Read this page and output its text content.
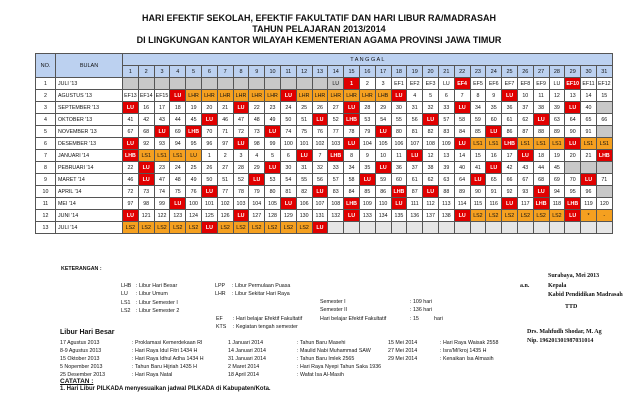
HARI EFEKTIF SEKOLAH, EFEKTIF FAKULTATIF DAN HARI LIBUR RA/MADRASAH
TAHUN PELAJARAN 2013/2014
DI LINGKUNGAN KANTOR WILAYAH KEMENTERIAN AGAMA PROVINSI JAWA TIMUR
NO.	BULAN	T A N G G A L																														
		1	2	3	4	5	6	7	8	9	10	11	12	13	14	15	16	17	18	19	20	21	22	23	24	25	26	27	28	29	30	31
1	JULI '13														LU	1	2	3	EF1	EF2	EF3	LU	EF4	EF5	EF6	EF7	EF8	EF9	LU	EF10	EF11	EF12
2	AGUSTUS '13	EF13	EF14	EF15	LU	LHR	LHR	LHR	LHR	LHR	LHR	LU	LHR	LHR	LHR	LHR	LHR	LHB	LU	4	5	6	7	8	9	LU	10	11	12	13	14	15
3	SEPTEMBER '13	LU	16	17	18	19	20	21	LU	22	23	24	25	26	27	LU	28	29	30	31	32	33	LU	34	35	36	37	38	39	LU	40	
4	OKTOBER '13	41	42	43	44	45	LU	46	47	48	49	50	51	LU	52	LHB	53	54	55	56	LU	57	58	59	60	61	62	LU	63	64	65	66
5	NOVEMBER '13	67	68	LU	69	LHB	70	71	72	73	LU	74	75	76	77	78	79	LU	80	81	82	83	84	85	LU	86	87	88	89	90	91	
6	DESEMBER '13	LU	92	93	94	95	96	97	LU	98	99	100	101	102	103	LU	104	105	106	107	108	109	LU	LS1	LS1	LHB	LS1	LS1	LS1	LU	LS1	LS1
7	JANUARI '14	LHB	LS1	LS1	LS1	LU	1	2	3	4	5	6	LU	7	LHB	8	9	10	11	LU	12	13	14	15	16	17	LU	18	19	20	21	LHB
8	PEBRUARI '14	22	LU	23	24	25	26	27	28	29	LU	30	31	32	33	34	35	LU	36	37	38	39	40	41	LU	42	43	44	45			
9	MARET '14	46	LU	47	48	49	50	51	52	LU	53	54	55	56	57	58	LU	59	60	61	62	63	64	LU	65	66	67	68	69	70	LU	71
10	APRIL '14	72	73	74	75	76	LU	77	78	79	80	81	82	LU	83	84	85	86	LHB	87	LU	88	89	90	91	92	93	LU	94	95	96	
11	MEI '14	97	98	99	LU	100	101	102	103	104	105	LU	106	107	108	LHB	109	110	LU	111	112	113	114	115	116	LU	117	LHB	118	LHB	119	120
12	JUNI '14	LU	121	122	123	124	125	126	LU	127	128	129	130	131	132	LU	133	134	135	136	137	138	LU	LS2	LS2	LS2	LS2	LS2	LS2	LU	*	-
13	JULI '14	LS2	LS2	LS2	LS2	LS2	LU	LS2	LS2	LS2	LS2	LS2	LS2	LU																		
KETERANGAN :
LHB : Libur Hari Besar
LU : Libur Umum
LS1 : Libur Semester I
LS2 : Libur Semester 2
LPP : Libur Permulaan Puasa
LHR : Libur Sekitar Hari Raya
EF : Hari belajar Efektif Fakultatif
KTS : Kegiatan tengah semester
Semester I	: 109 hari
Semester II	: 136 hari
Hari belajar Efektif Fakultatif	: 15	hari
Surabaya, Mei 2013
a.n.	Kepala
Kabid Pendidikan Madrasah
TTD
Drs. Mahfudh Shodar, M. Ag
Nip. 196201301987031014
Libur Hari Besar
17 Agustus 2013	: Proklamasi Kemerdekaan RI
8-9 Agustus 2013	: Hari Raya Idul Fitri 1434 H
15 Oktober 2013	: Hari Raya Idhul Adha 1434 H
5 Nopember 2013	: Tahun Baru Hijriah 1435 H
25 Desember 2013	: Hari Raya Natal
1 Januari 2014	: Tahun Baru Masehi
14 Januari 2014	: Maulid Nabi Muhammad SAW
31 Januari 2014	: Tahun Baru Imlek 2565
2 Maret 2014	: Hari Raya Nyepi Tahun Saka 1936
18 April 2014	: Wafat Isa Al-Masih
15 Mei 2014	: Hari Raya Waisak 2558
27 Mei 2014	: Isra'Mi'kroj 1435 H
29 Mei 2014	: Kenaikan Isa Almasih
CATATAN :
1. Hari Libur PILKADA menyesuaikan jadwal PILKADA di Kabupaten/Kota.
